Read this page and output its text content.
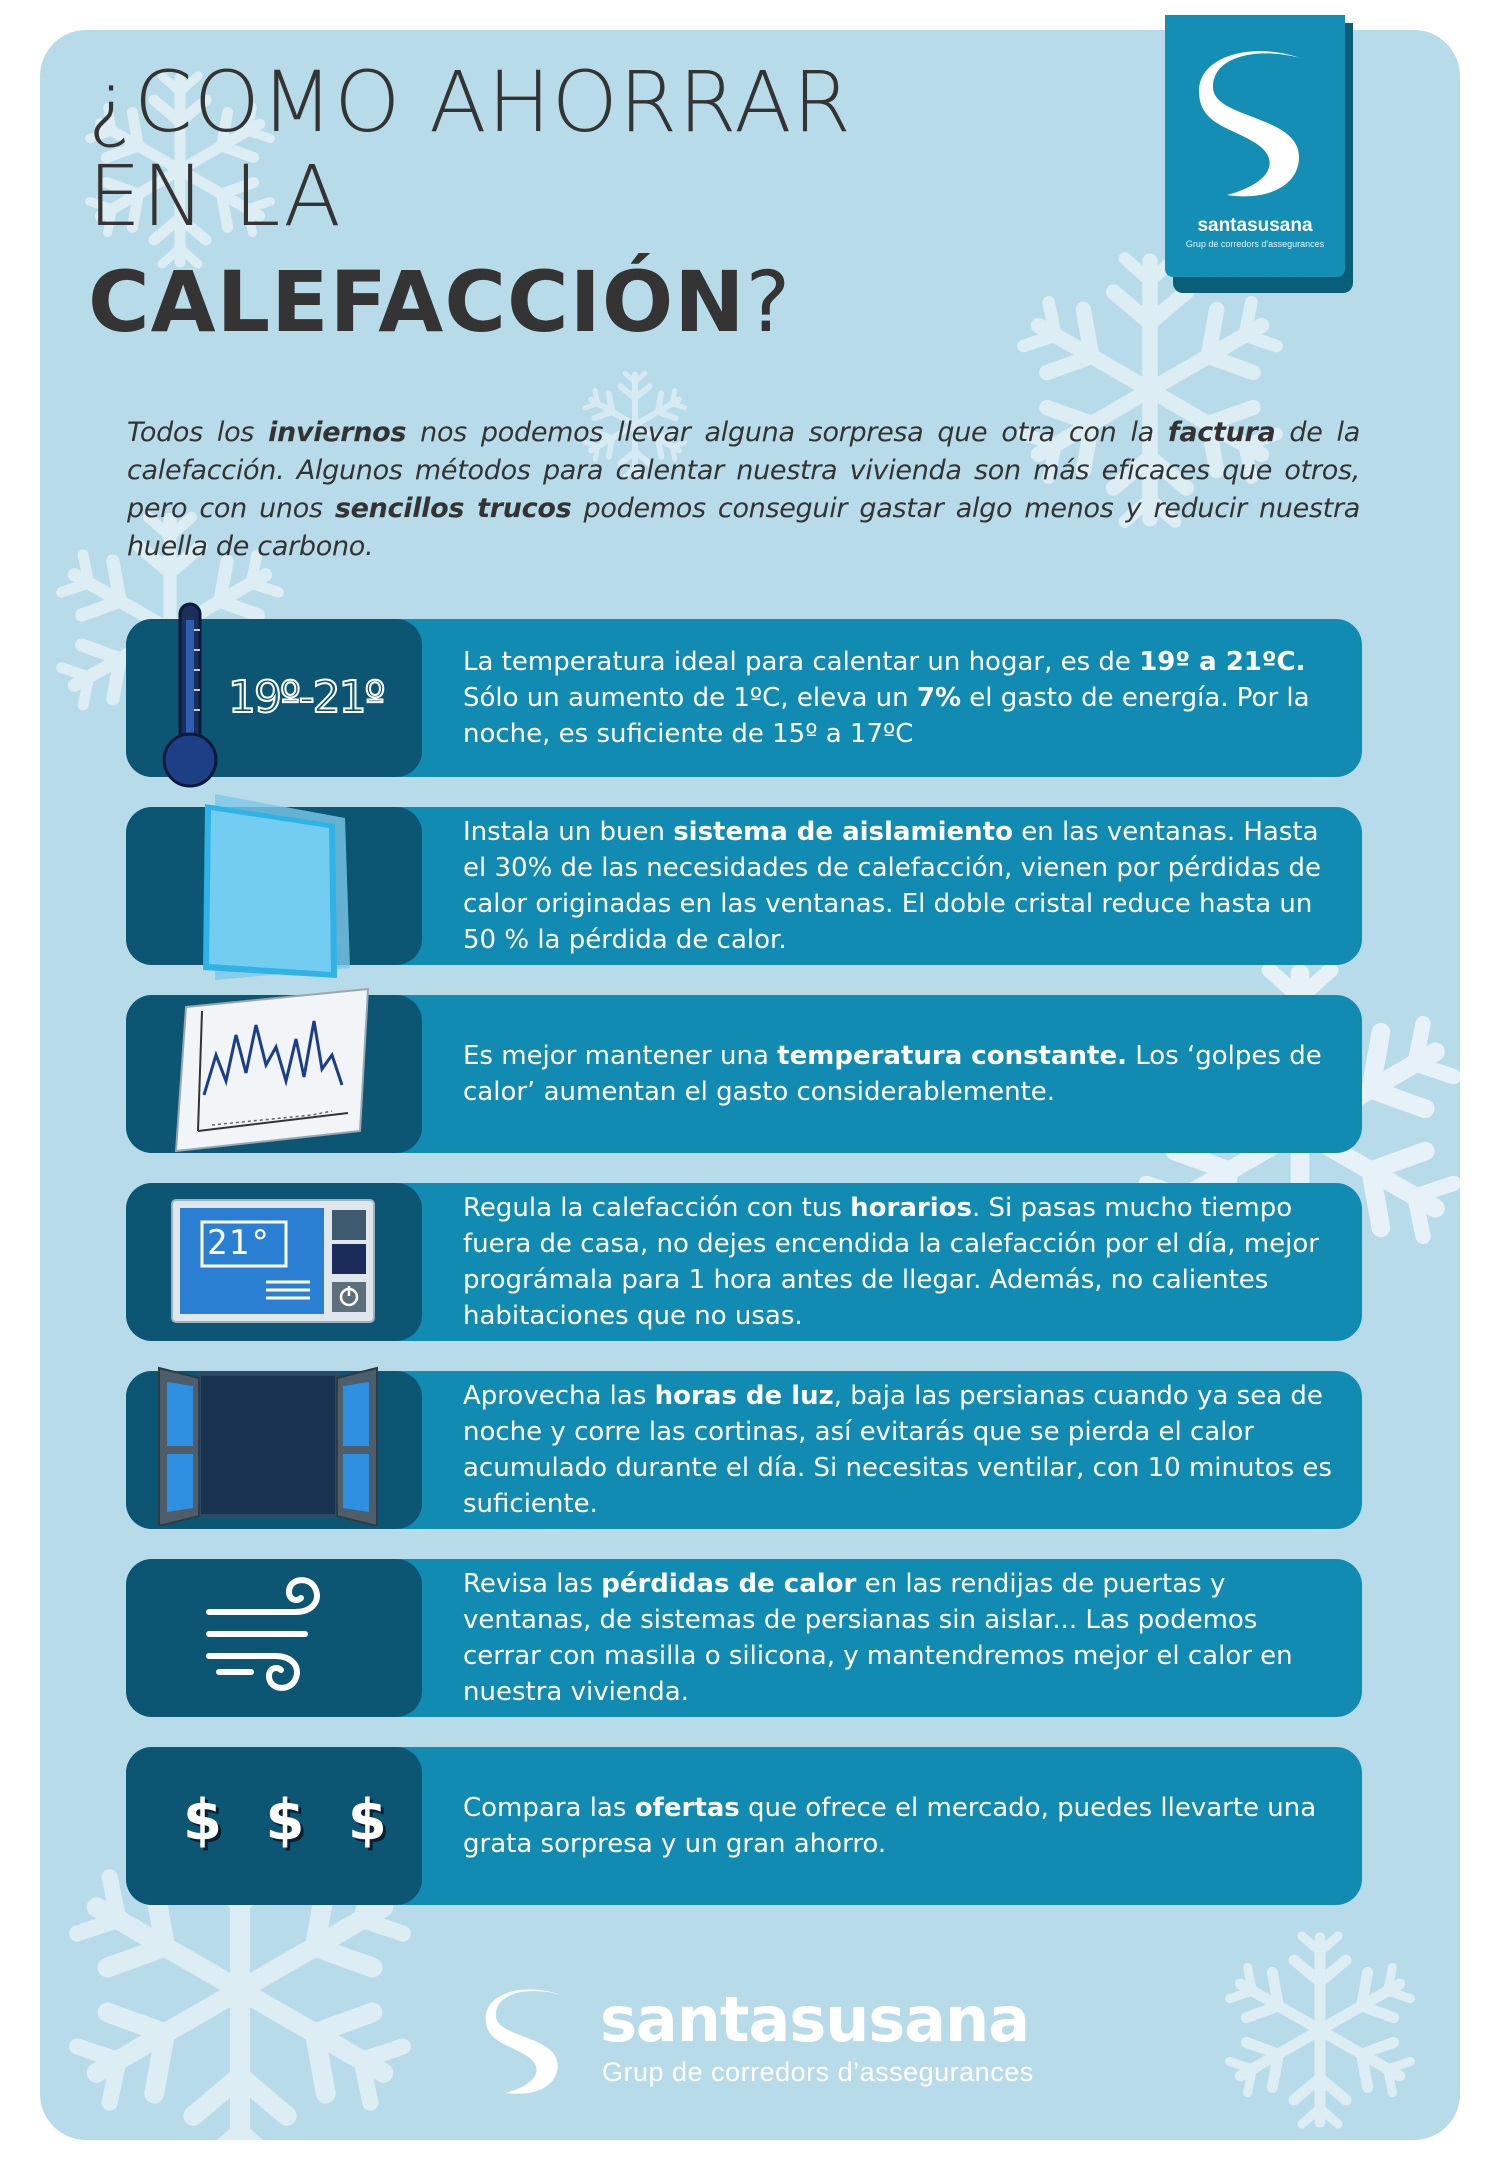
¿COMO AHORRAR
EN LA
CALEFACCIÓN?
santasusana
Grup de corredors d'assegurances

Todos los inviernos nos podemos llevar alguna sorpresa que otra con la factura de la calefacción. Algunos métodos para calentar nuestra vivienda son más eficaces que otros, pero con unos sencillos trucos podemos conseguir gastar algo menos y reducir nuestra huella de carbono.

La temperatura ideal para calentar un hogar, es de 19º a 21ºC. Sólo un aumento de 1ºC, eleva un 7% el gasto de energía. Por la noche, es suficiente de 15º a 17ºC
19º-21º
Instala un buen sistema de aislamiento en las ventanas. Hasta el 30% de las necesidades de calefacción, vienen por pérdidas de calor originadas en las ventanas. El doble cristal reduce hasta un 50 % la pérdida de calor.
Es mejor mantener una temperatura constante. Los ‘golpes de calor’ aumentan el gasto considerablemente.
Regula la calefacción con tus horarios. Si pasas mucho tiempo fuera de casa, no dejes encendida la calefacción por el día, mejor prográmala para 1 hora antes de llegar. Además, no calientes habitaciones que no usas.
21°
Aprovecha las horas de luz, baja las persianas cuando ya sea de noche y corre las cortinas, así evitarás que se pierda el calor acumulado durante el día. Si necesitas ventilar, con 10 minutos es suficiente.
Revisa las pérdidas de calor en las rendijas de puertas y ventanas, de sistemas de persianas sin aislar... Las podemos cerrar con masilla o silicona, y mantendremos mejor el calor en nuestra vivienda.
Compara las ofertas que ofrece el mercado, puedes llevarte una grata sorpresa y un gran ahorro.
$ $ $
santasusana
Grup de corredors d’assegurances
